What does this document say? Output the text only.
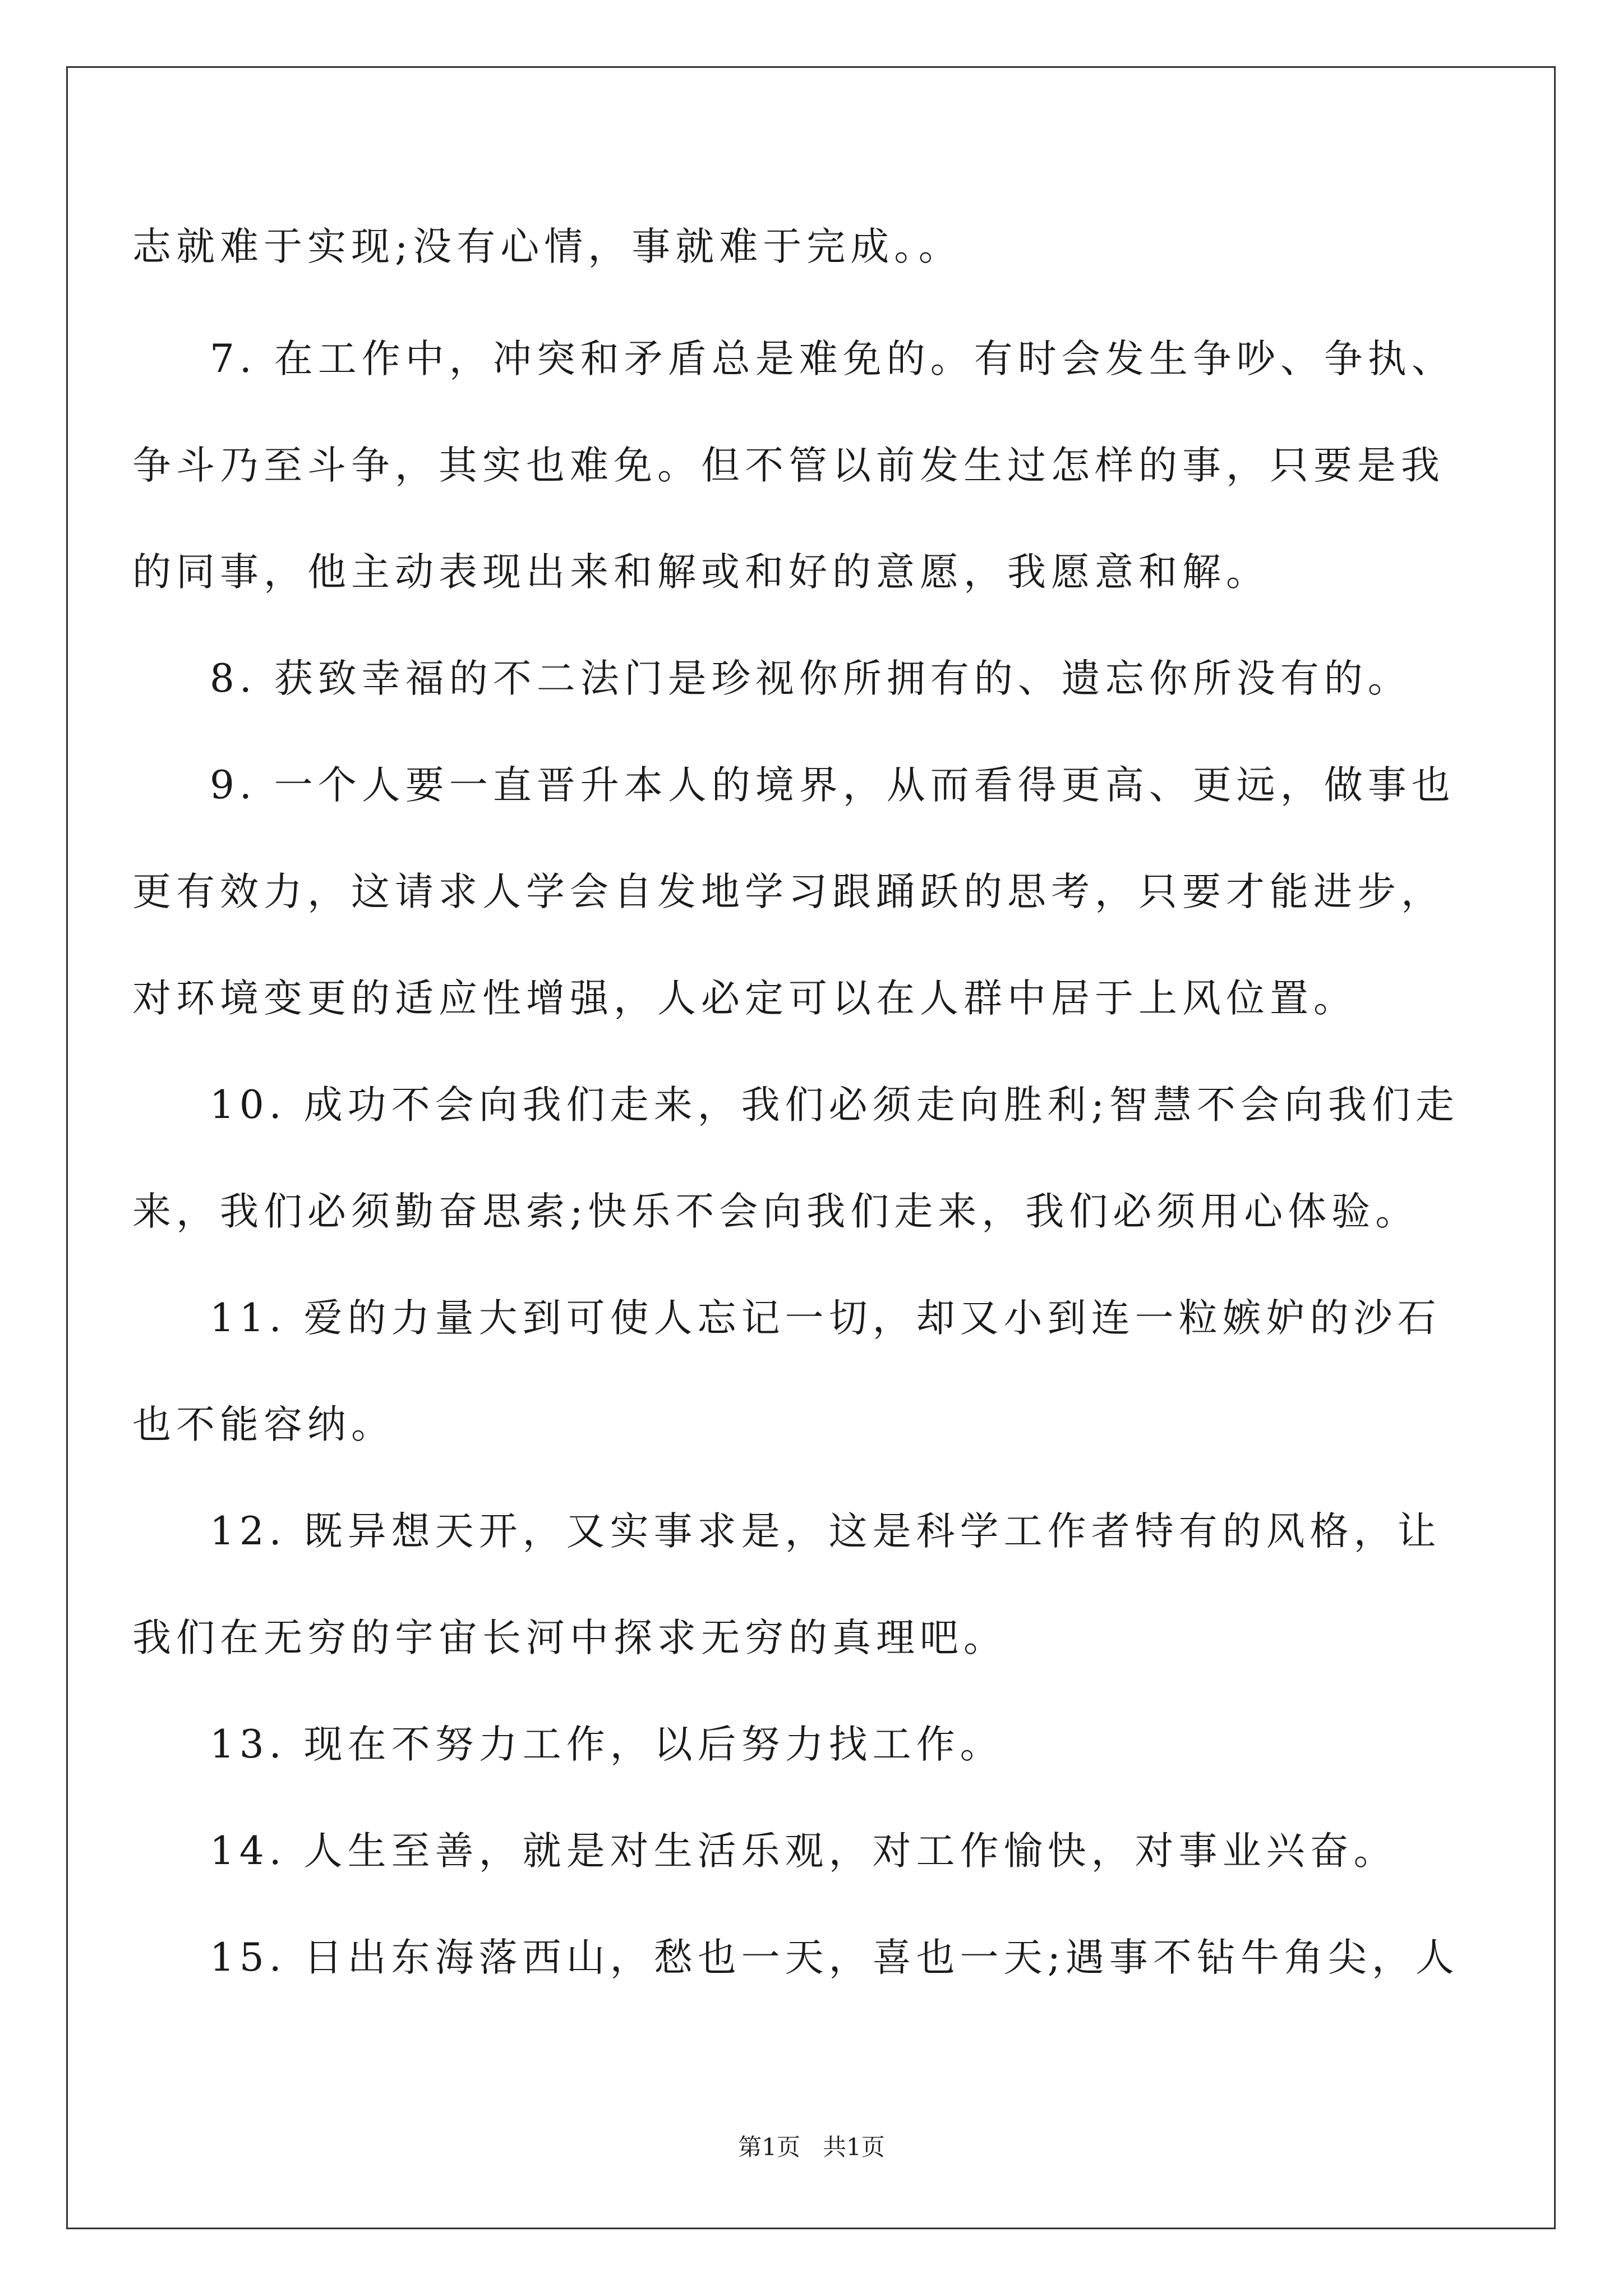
志就难于实现;没有心情，事就难于完成。。
7. 在工作中，冲突和矛盾总是难免的。有时会发生争吵、争执、
争斗乃至斗争，其实也难免。但不管以前发生过怎样的事，只要是我
的同事，他主动表现出来和解或和好的意愿，我愿意和解。
8. 获致幸福的不二法门是珍视你所拥有的、遗忘你所没有的。
9. 一个人要一直晋升本人的境界，从而看得更高、更远，做事也
更有效力，这请求人学会自发地学习跟踊跃的思考，只要才能进步，
对环境变更的适应性增强，人必定可以在人群中居于上风位置。
10. 成功不会向我们走来，我们必须走向胜利;智慧不会向我们走
来，我们必须勤奋思索;快乐不会向我们走来，我们必须用心体验。
11. 爱的力量大到可使人忘记一切，却又小到连一粒嫉妒的沙石
也不能容纳。
12. 既异想天开，又实事求是，这是科学工作者特有的风格，让
我们在无穷的宇宙长河中探求无穷的真理吧。
13. 现在不努力工作，以后努力找工作。
14. 人生至善，就是对生活乐观，对工作愉快，对事业兴奋。
15. 日出东海落西山，愁也一天，喜也一天;遇事不钻牛角尖，人
第1页   共1页
